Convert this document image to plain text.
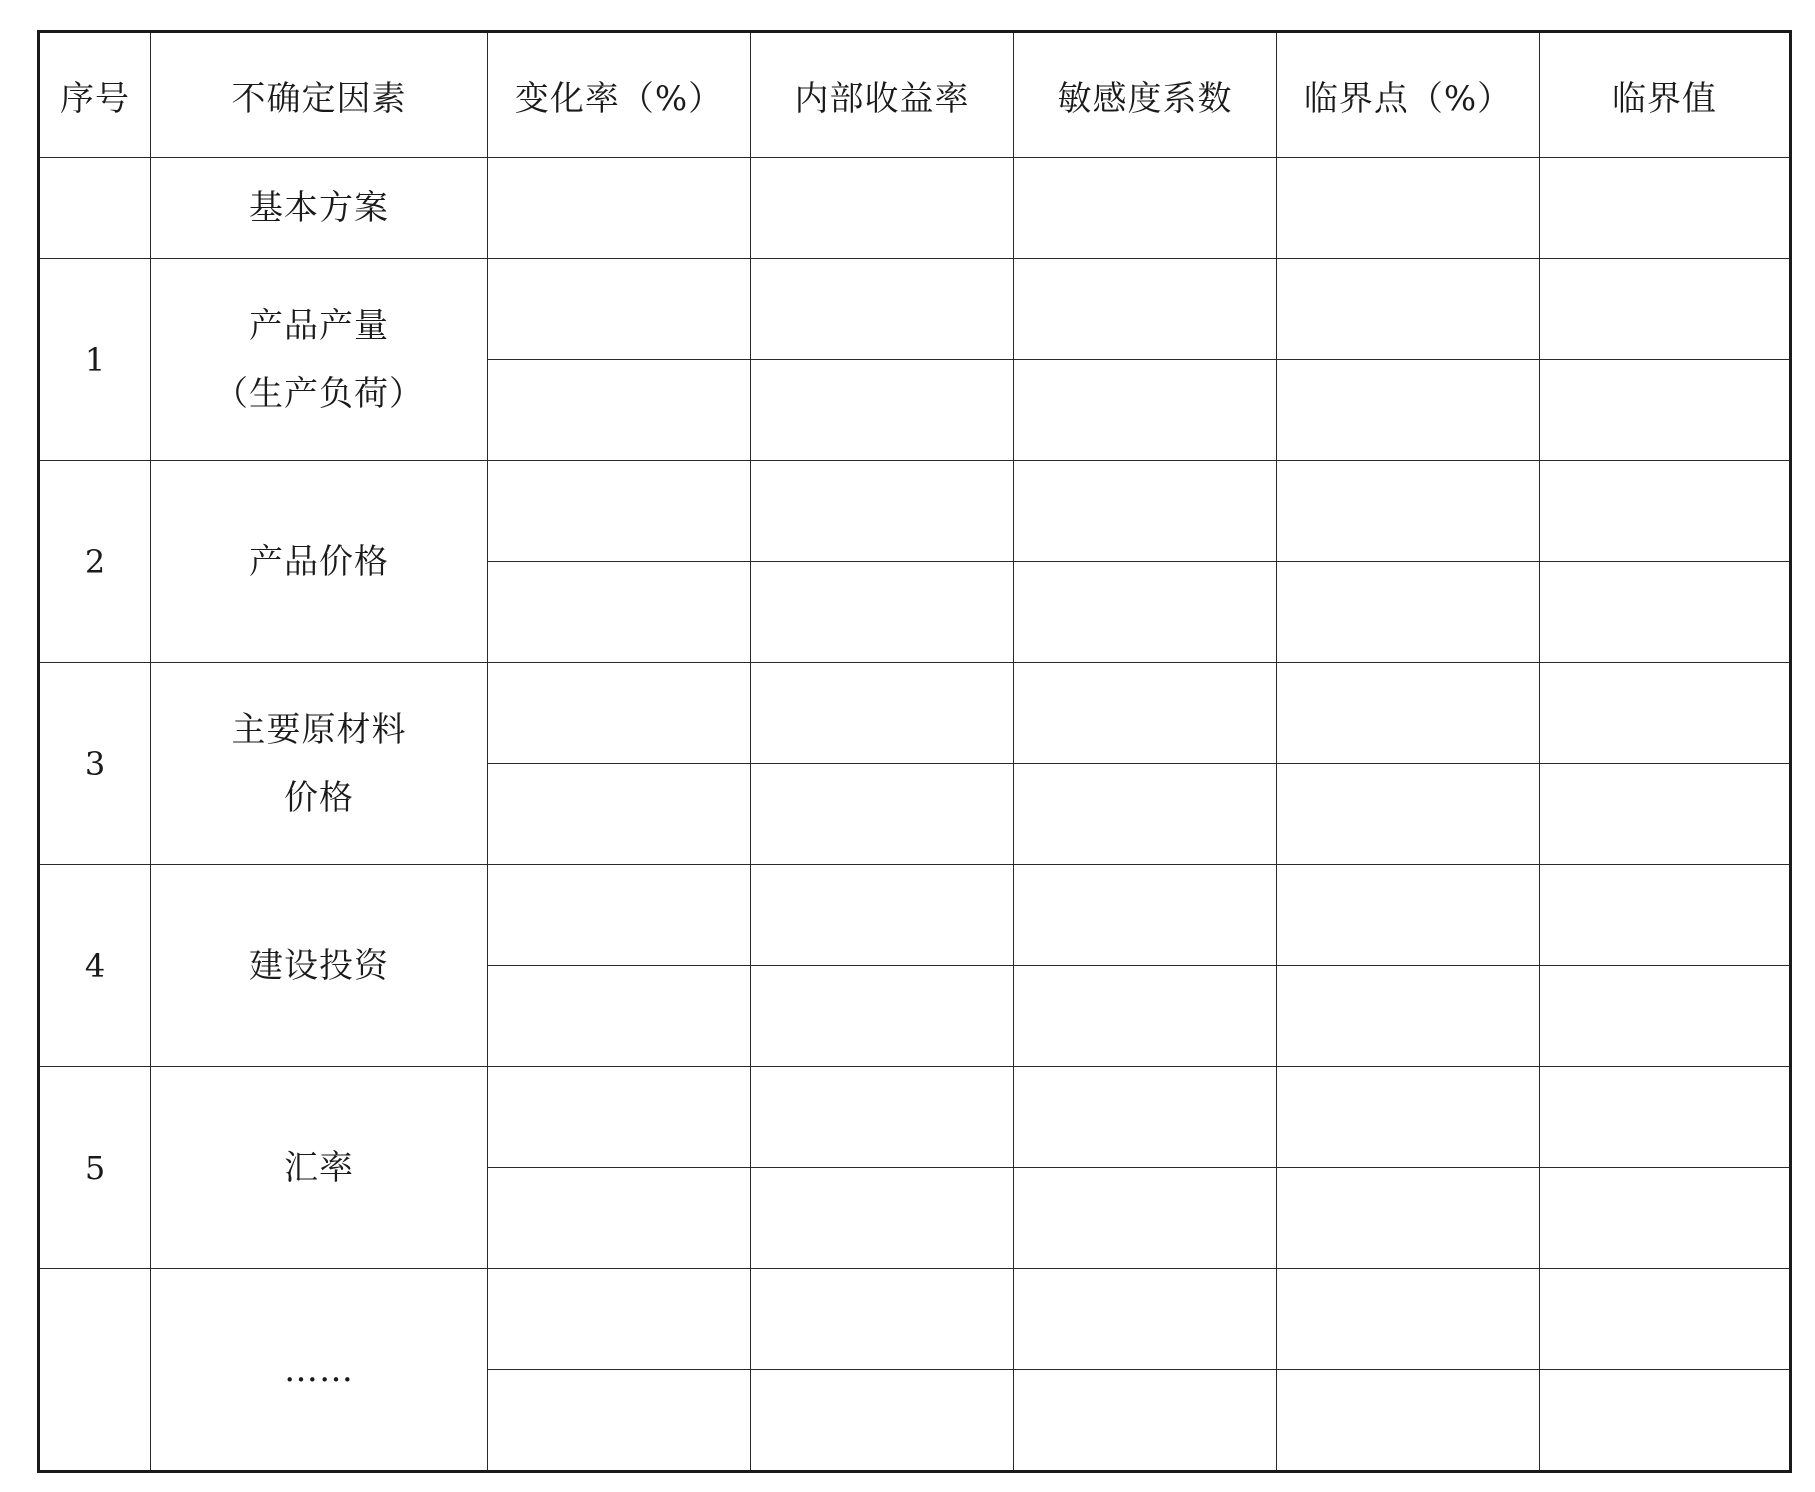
序号	不确定因素	变化率（%）	内部收益率	敏感度系数	临界点（%）	临界值
	基本方案					
1	产品产量
（生产负荷）					

2	产品价格					

3	主要原材料
价格					

4	建设投资					

5	汇率					

	……					
